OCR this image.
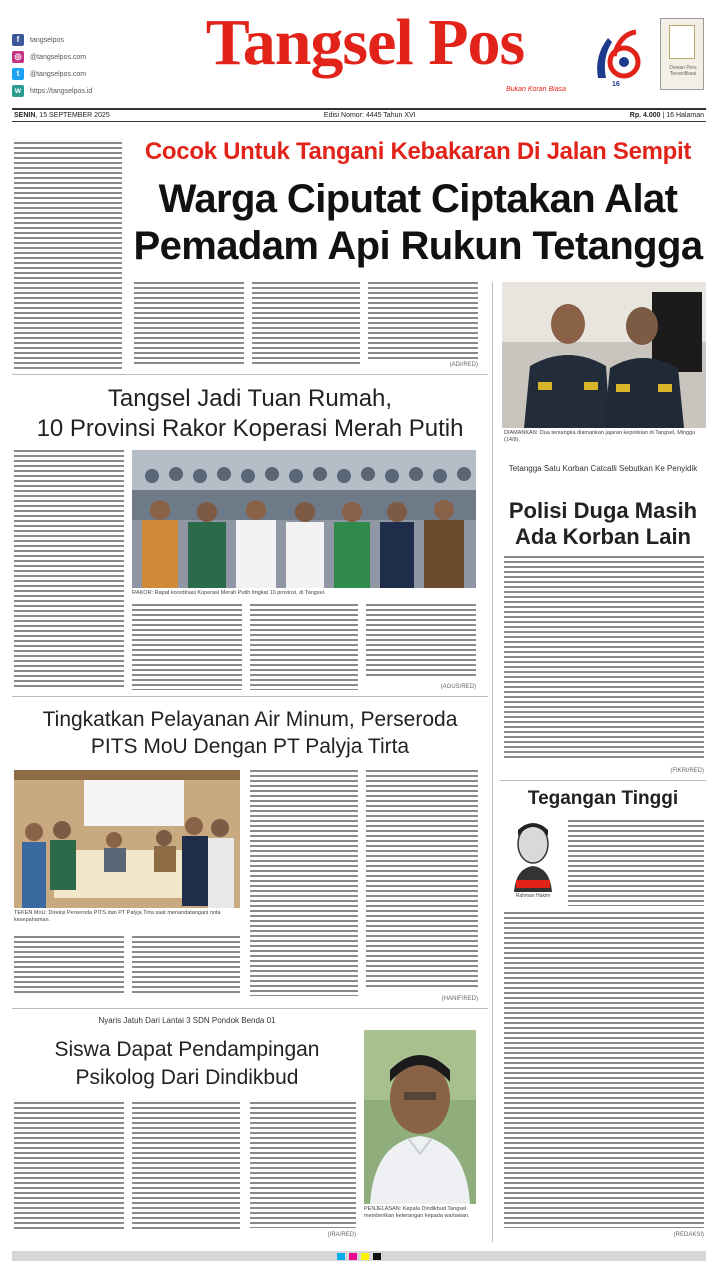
f	tangselpos
◎	@tangselpos.com
t	@tangselpos.com
w	https://tangselpos.id
Tangsel Pos
Bukan Koran Biasa
16
Dewan Pers Terverifikasi
SENIN, 15 SEPTEMBER 2025	Edisi Nomor: 4445 Tahun XVI	Rp. 4.000 | 16 Halaman
Cocok Untuk Tangani Kebakaran Di Jalan Sempit
Warga Ciputat Ciptakan Alat
Pemadam Api Rukun Tetangga
(ADI/RED)
DIAMANKAN: Dua tersangka diamankan jajaran kepolisian di Tangsel, Minggu (14/9).
Tetangga Satu Korban Catcalli Sebutkan Ke Penyidik
Polisi Duga Masih
Ada Korban Lain
(FIKRI/RED)
Tangsel Jadi Tuan Rumah,
10 Provinsi Rakor Koperasi Merah Putih
RAKOR: Rapat koordinasi Koperasi Merah Putih tingkat 10 provinsi, di Tangsel.
(AGUS/RED)
Tingkatkan Pelayanan Air Minum, Perseroda
PITS MoU Dengan PT Palyja Tirta
TEKEN MoU: Direksi Perseroda PITS dan PT Palyja Tirta saat menandatangani nota kesepahaman.
(HANIF/RED)
Tegangan Tinggi
Rahman Hakim
(REDAKSI)
Nyaris Jatuh Dari Lantai 3 SDN Pondok Benda 01
Siswa Dapat Pendampingan
Psikolog Dari Dindikbud
PENJELASAN: Kepala Dindikbud Tangsel memberikan keterangan kepada wartawan.
(IRA/RED)
